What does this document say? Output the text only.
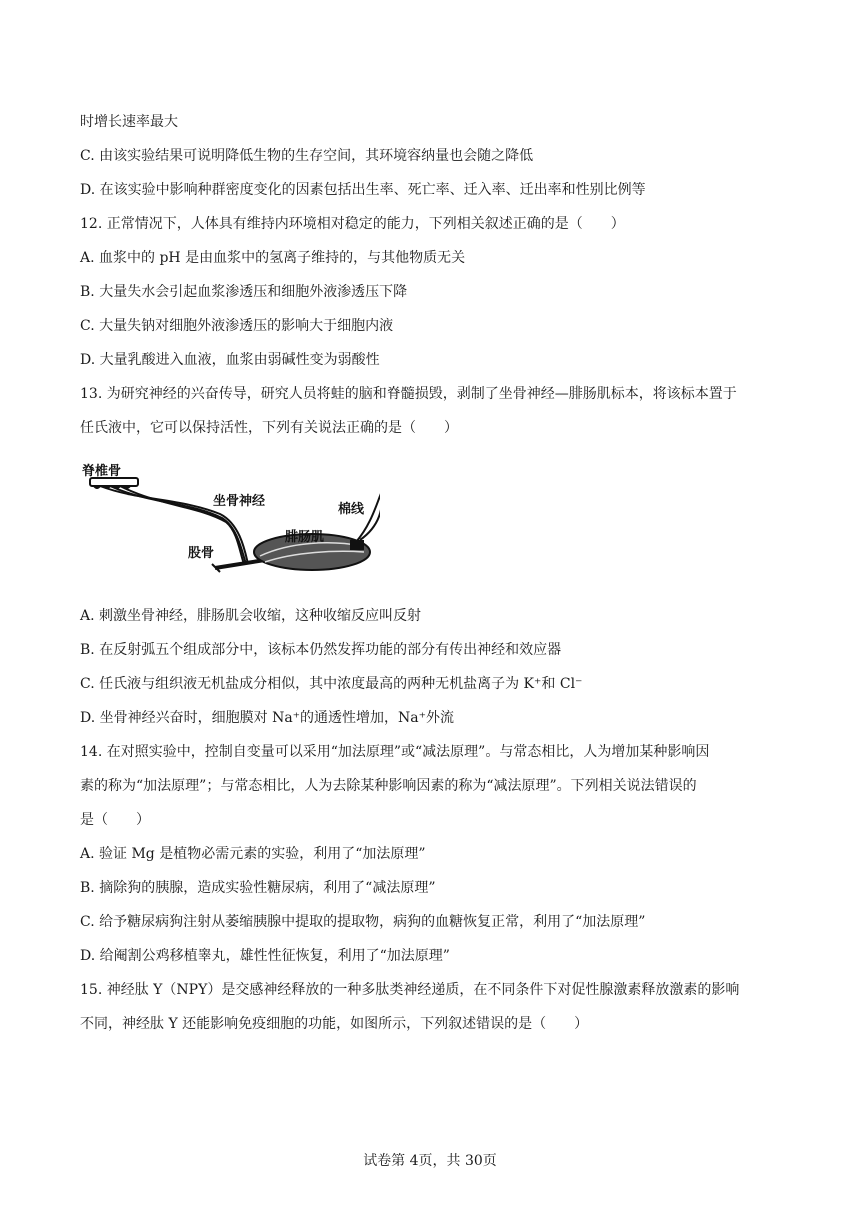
时增长速率最大
C. 由该实验结果可说明降低生物的生存空间，其环境容纳量也会随之降低
D. 在该实验中影响种群密度变化的因素包括出生率、死亡率、迁入率、迁出率和性别比例等
12. 正常情况下，人体具有维持内环境相对稳定的能力，下列相关叙述正确的是（　　）
A. 血浆中的 pH 是由血浆中的氢离子维持的，与其他物质无关
B. 大量失水会引起血浆渗透压和细胞外液渗透压下降
C. 大量失钠对细胞外液渗透压的影响大于细胞内液
D. 大量乳酸进入血液，血浆由弱碱性变为弱酸性
13. 为研究神经的兴奋传导，研究人员将蛙的脑和脊髓损毁，剥制了坐骨神经—腓肠肌标本，将该标本置于
任氏液中，它可以保持活性，下列有关说法正确的是（　　）
脊椎骨
坐骨神经
棉线
腓肠肌
股骨
A. 刺激坐骨神经，腓肠肌会收缩，这种收缩反应叫反射
B. 在反射弧五个组成部分中，该标本仍然发挥功能的部分有传出神经和效应器
C. 任氏液与组织液无机盐成分相似，其中浓度最高的两种无机盐离子为 K⁺和 Cl⁻
D. 坐骨神经兴奋时，细胞膜对 Na⁺的通透性增加，Na⁺外流
14. 在对照实验中，控制自变量可以采用“加法原理”或“减法原理”。与常态相比，人为增加某种影响因
素的称为“加法原理”；与常态相比，人为去除某种影响因素的称为“减法原理”。下列相关说法错误的
是（　　）
A. 验证 Mg 是植物必需元素的实验，利用了“加法原理”
B. 摘除狗的胰腺，造成实验性糖尿病，利用了“减法原理”
C. 给予糖尿病狗注射从萎缩胰腺中提取的提取物，病狗的血糖恢复正常，利用了“加法原理”
D. 给阉割公鸡移植睾丸，雄性性征恢复，利用了“加法原理”
15. 神经肽 Y（NPY）是交感神经释放的一种多肽类神经递质，在不同条件下对促性腺激素释放激素的影响
不同，神经肽 Y 还能影响免疫细胞的功能，如图所示，下列叙述错误的是（　　）
试卷第 4页，共 30页
